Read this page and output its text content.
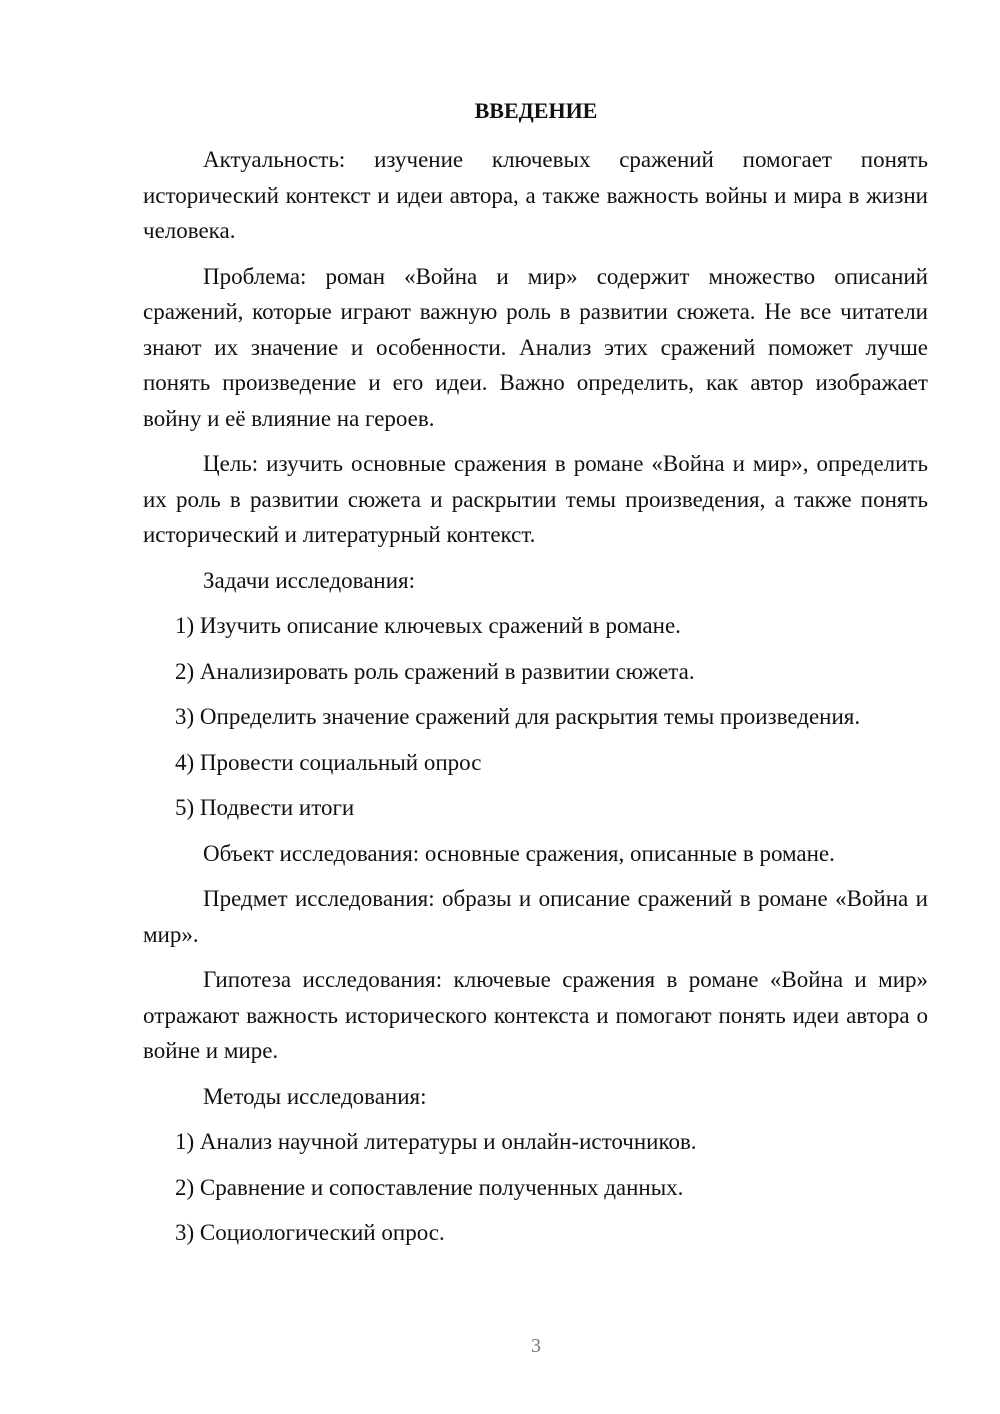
ВВЕДЕНИЕ

Актуальность: изучение ключевых сражений помогает понять исторический контекст и идеи автора, а также важность войны и мира в жизни человека.

Проблема: роман «Война и мир» содержит множество описаний сражений, которые играют важную роль в развитии сюжета. Не все читатели знают их значение и особенности. Анализ этих сражений поможет лучше понять произведение и его идеи. Важно определить, как автор изображает войну и её влияние на героев.

Цель: изучить основные сражения в романе «Война и мир», определить их роль в развитии сюжета и раскрытии темы произведения, а также понять исторический и литературный контекст.

Задачи исследования:

1) Изучить описание ключевых сражений в романе.
2) Анализировать роль сражений в развитии сюжета.
3) Определить значение сражений для раскрытия темы произведения.
4) Провести социальный опрос
5) Подвести итоги

Объект исследования: основные сражения, описанные в романе.

Предмет исследования: образы и описание сражений в романе «Война и мир».

Гипотеза исследования: ключевые сражения в романе «Война и мир» отражают важность исторического контекста и помогают понять идеи автора о войне и мире.

Методы исследования:

1) Анализ научной литературы и онлайн-источников.
2) Сравнение и сопоставление полученных данных.
3) Социологический опрос.
3
